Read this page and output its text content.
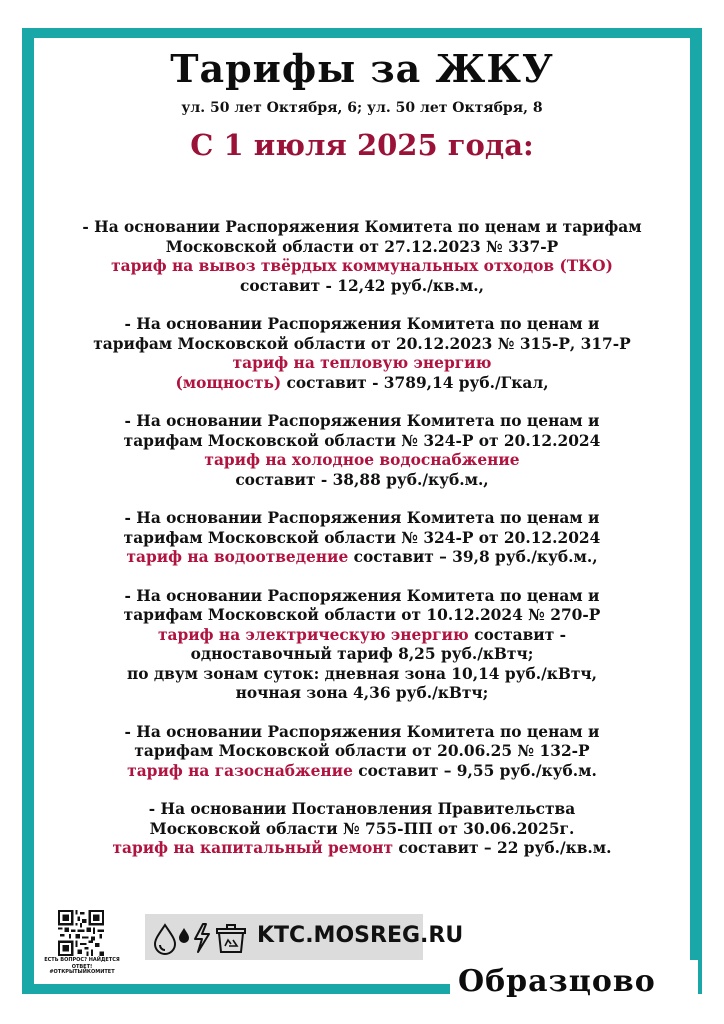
Тарифы за ЖКУ
ул. 50 лет Октября, 6; ул. 50 лет Октября, 8
С 1 июля 2025 года:
- На основании Распоряжения Комитета по ценам и тарифам
Московской области от 27.12.2023 № 337-Р
тариф на вывоз твёрдых коммунальных отходов (ТКО)
составит - 12,42 руб./кв.м.,
- На основании Распоряжения Комитета по ценам и
тарифам Московской области от 20.12.2023 № 315-Р, 317-Р
тариф на тепловую энергию
(мощность) составит - 3789,14 руб./Гкал,
- На основании Распоряжения Комитета по ценам и
тарифам Московской области № 324-Р от 20.12.2024
тариф на холодное водоснабжение
составит - 38,88 руб./куб.м.,
- На основании Распоряжения Комитета по ценам и
тарифам Московской области № 324-Р от 20.12.2024
тариф на водоотведение составит – 39,8 руб./куб.м.,
- На основании Распоряжения Комитета по ценам и
тарифам Московской области от 10.12.2024 № 270-Р
тариф на электрическую энергию составит -
одноставочный тариф 8,25 руб./кВтч;
по двум зонам суток: дневная зона 10,14 руб./кВтч,
ночная зона 4,36 руб./кВтч;
- На основании Распоряжения Комитета по ценам и
тарифам Московской области от 20.06.25 № 132-Р
тариф на газоснабжение составит – 9,55 руб./куб.м.
- На основании Постановления Правительства
Московской области № 755-ПП от 30.06.2025г.
тариф на капитальный ремонт составит – 22 руб./кв.м.
ЕСТЬ ВОПРОС? НАЙДЕТСЯ ОТВЕТ!
#ОТКРЫТЫЙКОМИТЕТ
KTC.MOSREG.RU
Образцово
